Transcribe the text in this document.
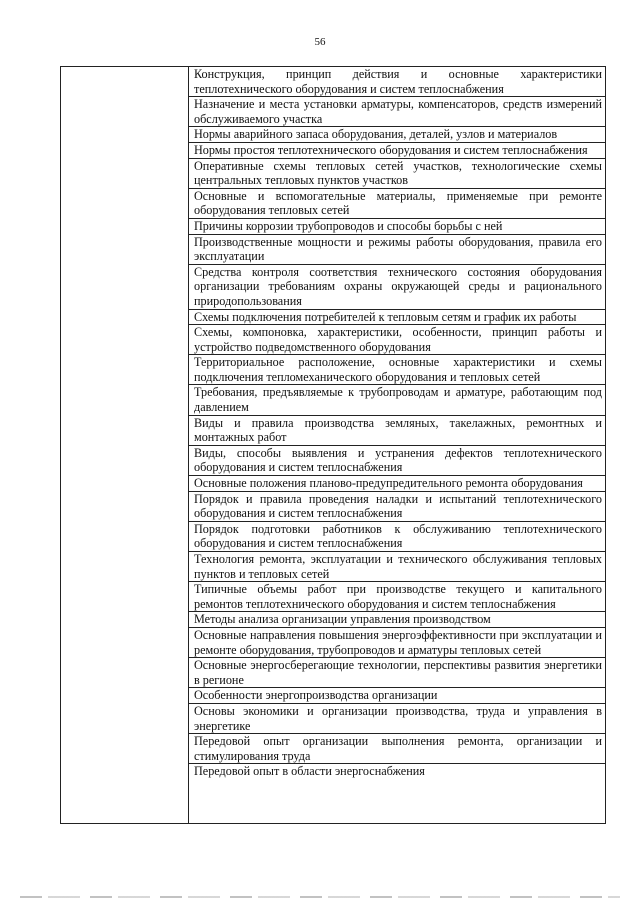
56
Конструкция, принцип действия и основные характеристики теплотехнического оборудования и систем теплоснабжения
Назначение и места установки арматуры, компенсаторов, средств измерений обслуживаемого участка
Нормы аварийного запаса оборудования, деталей, узлов и материалов
Нормы простоя теплотехнического оборудования и систем теплоснабжения
Оперативные схемы тепловых сетей участков, технологические схемы центральных тепловых пунктов участков
Основные и вспомогательные материалы, применяемые при ремонте оборудования тепловых сетей
Причины коррозии трубопроводов и способы борьбы с ней
Производственные мощности и режимы работы оборудования, правила его эксплуатации
Средства контроля соответствия технического состояния оборудования организации требованиям охраны окружающей среды и рационального природопользования
Схемы подключения потребителей к тепловым сетям и график их работы
Схемы, компоновка, характеристики, особенности, принцип работы и устройство подведомственного оборудования
Территориальное расположение, основные характеристики и схемы подключения тепломеханического оборудования и тепловых сетей
Требования, предъявляемые к трубопроводам и арматуре, работающим под давлением
Виды и правила производства земляных, такелажных, ремонтных и монтажных работ
Виды, способы выявления и устранения дефектов теплотехнического оборудования и систем теплоснабжения
Основные положения планово-предупредительного ремонта оборудования
Порядок и правила проведения наладки и испытаний теплотехнического оборудования и систем теплоснабжения
Порядок подготовки работников к обслуживанию теплотехнического оборудования и систем теплоснабжения
Технология ремонта, эксплуатации и технического обслуживания тепловых пунктов и тепловых сетей
Типичные объемы работ при производстве текущего и капитального ремонтов теплотехнического оборудования и систем теплоснабжения
Методы анализа организации управления производством
Основные направления повышения энергоэффективности при эксплуатации и ремонте оборудования, трубопроводов и арматуры тепловых сетей
Основные энергосберегающие технологии, перспективы развития энергетики в регионе
Особенности энергопроизводства организации
Основы экономики и организации производства, труда и управления в энергетике
Передовой опыт организации выполнения ремонта, организации и стимулирования труда
Передовой опыт в области энергоснабжения
